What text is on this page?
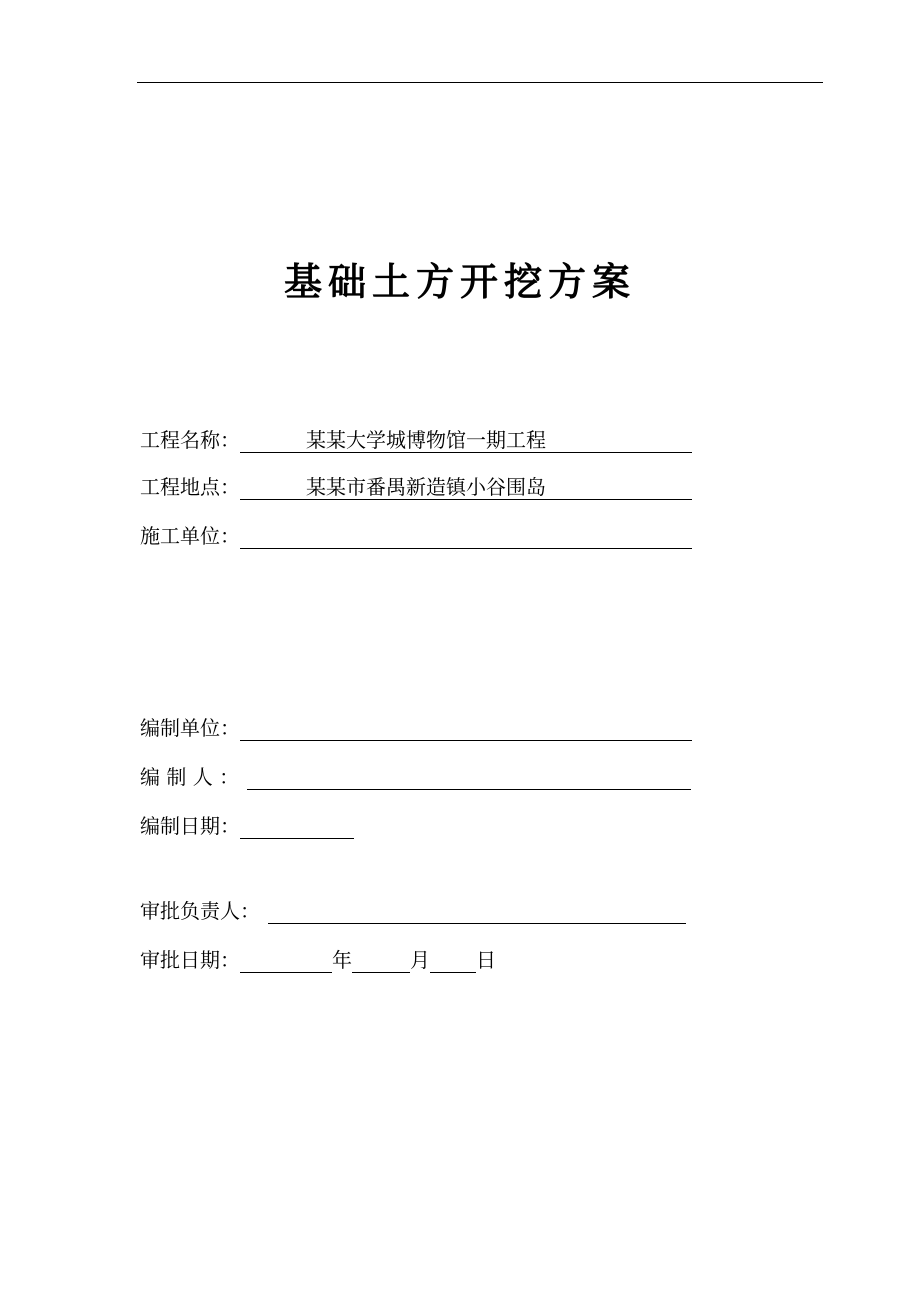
基础土方开挖方案
工程名称：	某某大学城博物馆一期工程
工程地点：	某某市番禺新造镇小谷围岛
施工单位：
编制单位：
编 制 人 ：
编制日期：
审批负责人：
审批日期：	年	月 日
